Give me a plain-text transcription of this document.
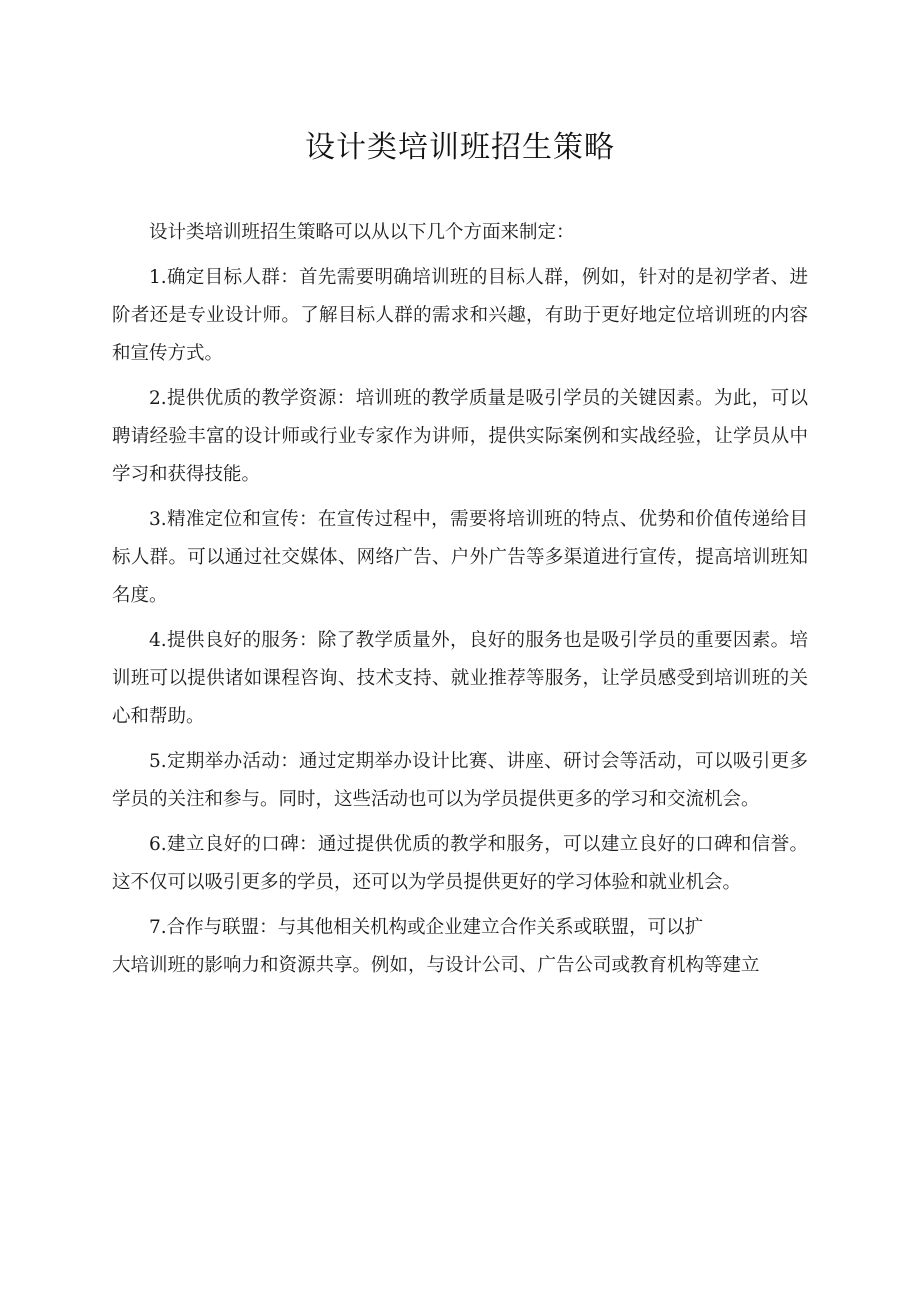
设计类培训班招生策略

设计类培训班招生策略可以从以下几个方面来制定：

1.确定目标人群：首先需要明确培训班的目标人群，例如，针对的是初学者、进阶者还是专业设计师。了解目标人群的需求和兴趣，有助于更好地定位培训班的内容和宣传方式。

2.提供优质的教学资源：培训班的教学质量是吸引学员的关键因素。为此，可以聘请经验丰富的设计师或行业专家作为讲师，提供实际案例和实战经验，让学员从中学习和获得技能。

3.精准定位和宣传：在宣传过程中，需要将培训班的特点、优势和价值传递给目标人群。可以通过社交媒体、网络广告、户外广告等多渠道进行宣传，提高培训班知名度。

4.提供良好的服务：除了教学质量外，良好的服务也是吸引学员的重要因素。培训班可以提供诸如课程咨询、技术支持、就业推荐等服务，让学员感受到培训班的关心和帮助。

5.定期举办活动：通过定期举办设计比赛、讲座、研讨会等活动，可以吸引更多学员的关注和参与。同时，这些活动也可以为学员提供更多的学习和交流机会。

6.建立良好的口碑：通过提供优质的教学和服务，可以建立良好的口碑和信誉。这不仅可以吸引更多的学员，还可以为学员提供更好的学习体验和就业机会。

7.合作与联盟：与其他相关机构或企业建立合作关系或联盟，可以扩
大培训班的影响力和资源共享。例如，与设计公司、广告公司或教育机构等建立
